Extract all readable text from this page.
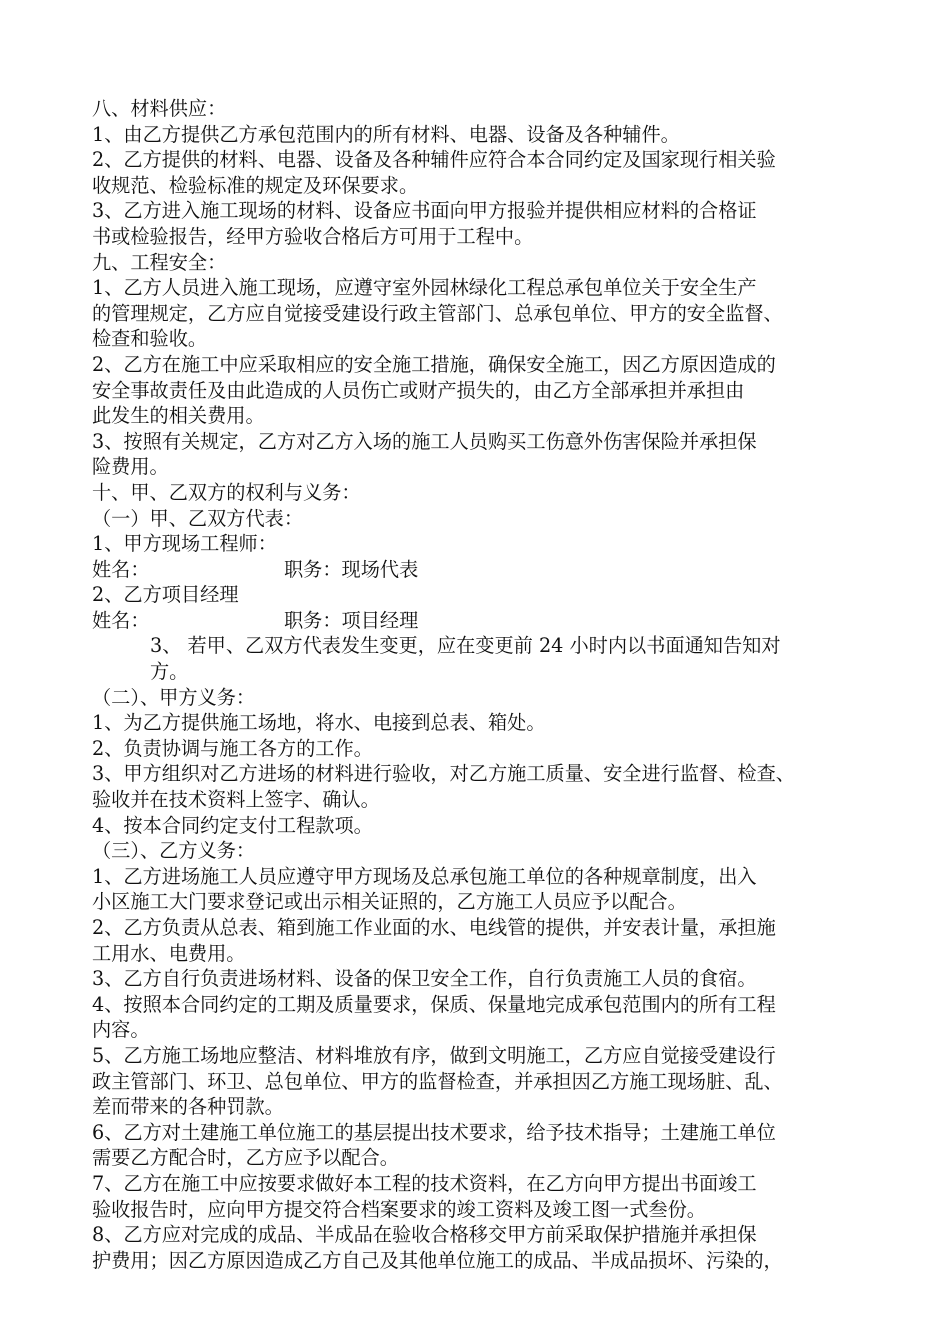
八、材料供应：
1、由乙方提供乙方承包范围内的所有材料、电器、设备及各种辅件。
2、乙方提供的材料、电器、设备及各种辅件应符合本合同约定及国家现行相关验
收规范、检验标准的规定及环保要求。
3、乙方进入施工现场的材料、设备应书面向甲方报验并提供相应材料的合格证
书或检验报告，经甲方验收合格后方可用于工程中。
九、工程安全：
1、乙方人员进入施工现场，应遵守室外园林绿化工程总承包单位关于安全生产
的管理规定，乙方应自觉接受建设行政主管部门、总承包单位、甲方的安全监督、
检查和验收。
2、乙方在施工中应采取相应的安全施工措施，确保安全施工，因乙方原因造成的
安全事故责任及由此造成的人员伤亡或财产损失的，由乙方全部承担并承担由
此发生的相关费用。
3、按照有关规定，乙方对乙方入场的施工人员购买工伤意外伤害保险并承担保
险费用。
十、甲、乙双方的权利与义务：
（一）甲、乙双方代表：
1、甲方现场工程师：
姓名：	职务：现场代表
2、乙方项目经理
姓名：	职务：项目经理
3、 若甲、乙双方代表发生变更，应在变更前 24 小时内以书面通知告知对
方。
（二）、甲方义务：
1、为乙方提供施工场地，将水、电接到总表、箱处。
2、负责协调与施工各方的工作。
3、甲方组织对乙方进场的材料进行验收，对乙方施工质量、安全进行监督、检查、
验收并在技术资料上签字、确认。
4、按本合同约定支付工程款项。
（三）、乙方义务：
1、乙方进场施工人员应遵守甲方现场及总承包施工单位的各种规章制度，出入
小区施工大门要求登记或出示相关证照的，乙方施工人员应予以配合。
2、乙方负责从总表、箱到施工作业面的水、电线管的提供，并安表计量，承担施
工用水、电费用。
3、乙方自行负责进场材料、设备的保卫安全工作，自行负责施工人员的食宿。
4、按照本合同约定的工期及质量要求，保质、保量地完成承包范围内的所有工程
内容。
5、乙方施工场地应整洁、材料堆放有序，做到文明施工，乙方应自觉接受建设行
政主管部门、环卫、总包单位、甲方的监督检查，并承担因乙方施工现场脏、乱、
差而带来的各种罚款。
6、乙方对土建施工单位施工的基层提出技术要求，给予技术指导；土建施工单位
需要乙方配合时，乙方应予以配合。
7、乙方在施工中应按要求做好本工程的技术资料，在乙方向甲方提出书面竣工
验收报告时，应向甲方提交符合档案要求的竣工资料及竣工图一式叁份。
8、乙方应对完成的成品、半成品在验收合格移交甲方前采取保护措施并承担保
护费用；因乙方原因造成乙方自己及其他单位施工的成品、半成品损坏、污染的，
